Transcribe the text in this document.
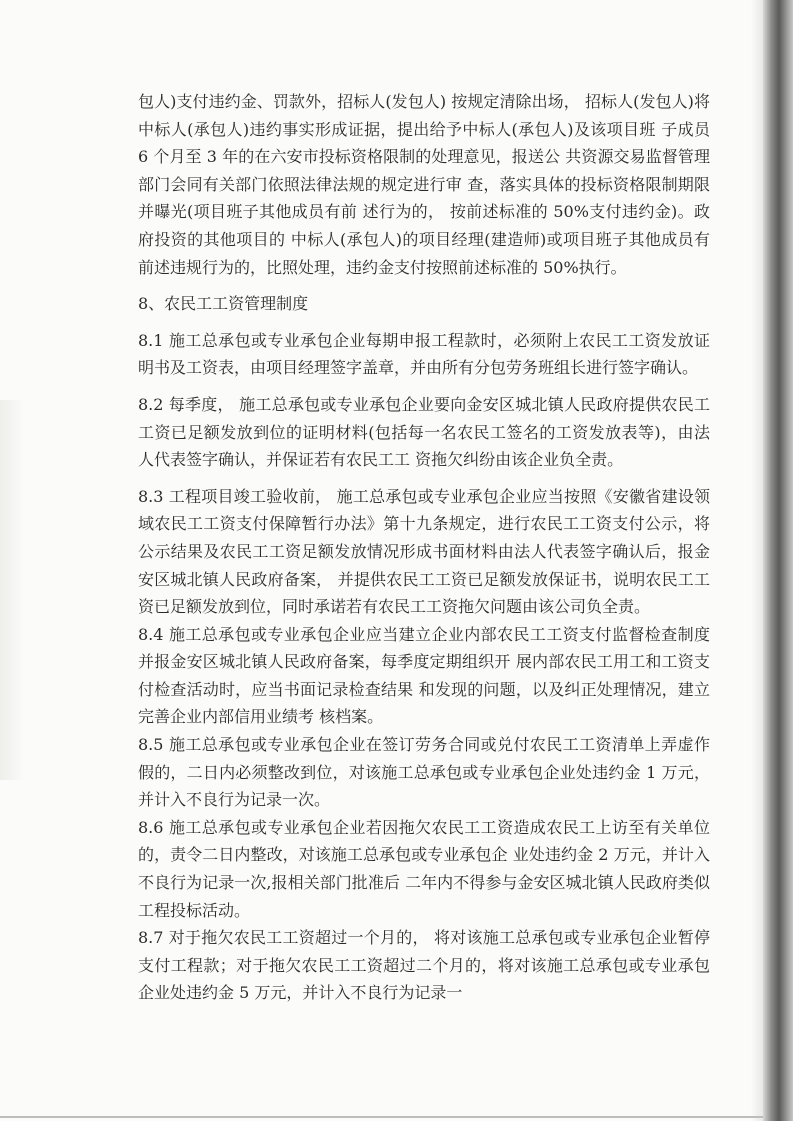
包人)支付违约金、罚款外，招标人(发包人) 按规定清除出场， 招标人(发包人)将中标人(承包人)违约事实形成证据，提出给予中标人(承包人)及该项目班 子成员 6 个月至 3 年的在六安市投标资格限制的处理意见，报送公 共资源交易监督管理部门会同有关部门依照法律法规的规定进行审 查，落实具体的投标资格限制期限并曝光(项目班子其他成员有前 述行为的， 按前述标准的 50%支付违约金)。政府投资的其他项目的 中标人(承包人)的项目经理(建造师)或项目班子其他成员有前述违规行为的，比照处理，违约金支付按照前述标准的 50%执行。

8、农民工工资管理制度

8.1 施工总承包或专业承包企业每期申报工程款时，必须附上农民工工资发放证明书及工资表，由项目经理签字盖章，并由所有分包劳务班组长进行签字确认。

8.2 每季度， 施工总承包或专业承包企业要向金安区城北镇人民政府提供农民工工资已足额发放到位的证明材料(包括每一名农民工签名的工资发放表等)，由法人代表签字确认，并保证若有农民工工 资拖欠纠纷由该企业负全责。

8.3 工程项目竣工验收前， 施工总承包或专业承包企业应当按照《安徽省建设领域农民工工资支付保障暂行办法》第十九条规定，进行农民工工资支付公示，将公示结果及农民工工资足额发放情况形成书面材料由法人代表签字确认后，报金安区城北镇人民政府备案， 并提供农民工工资已足额发放保证书，说明农民工工资已足额发放到位，同时承诺若有农民工工资拖欠问题由该公司负全责。

8.4 施工总承包或专业承包企业应当建立企业内部农民工工资支付监督检查制度并报金安区城北镇人民政府备案，每季度定期组织开 展内部农民工用工和工资支付检查活动时，应当书面记录检查结果 和发现的问题，以及纠正处理情况，建立完善企业内部信用业绩考 核档案。

8.5 施工总承包或专业承包企业在签订劳务合同或兑付农民工工资清单上弄虚作假的，二日内必须整改到位，对该施工总承包或专业承包企业处违约金 1 万元，并计入不良行为记录一次。

8.6 施工总承包或专业承包企业若因拖欠农民工工资造成农民工上访至有关单位的，责令二日内整改，对该施工总承包或专业承包企 业处违约金 2 万元，并计入不良行为记录一次,报相关部门批准后 二年内不得参与金安区城北镇人民政府类似工程投标活动。

8.7 对于拖欠农民工工资超过一个月的， 将对该施工总承包或专业承包企业暂停支付工程款；对于拖欠农民工工资超过二个月的，将对该施工总承包或专业承包企业处违约金 5 万元，并计入不良行为记录一
